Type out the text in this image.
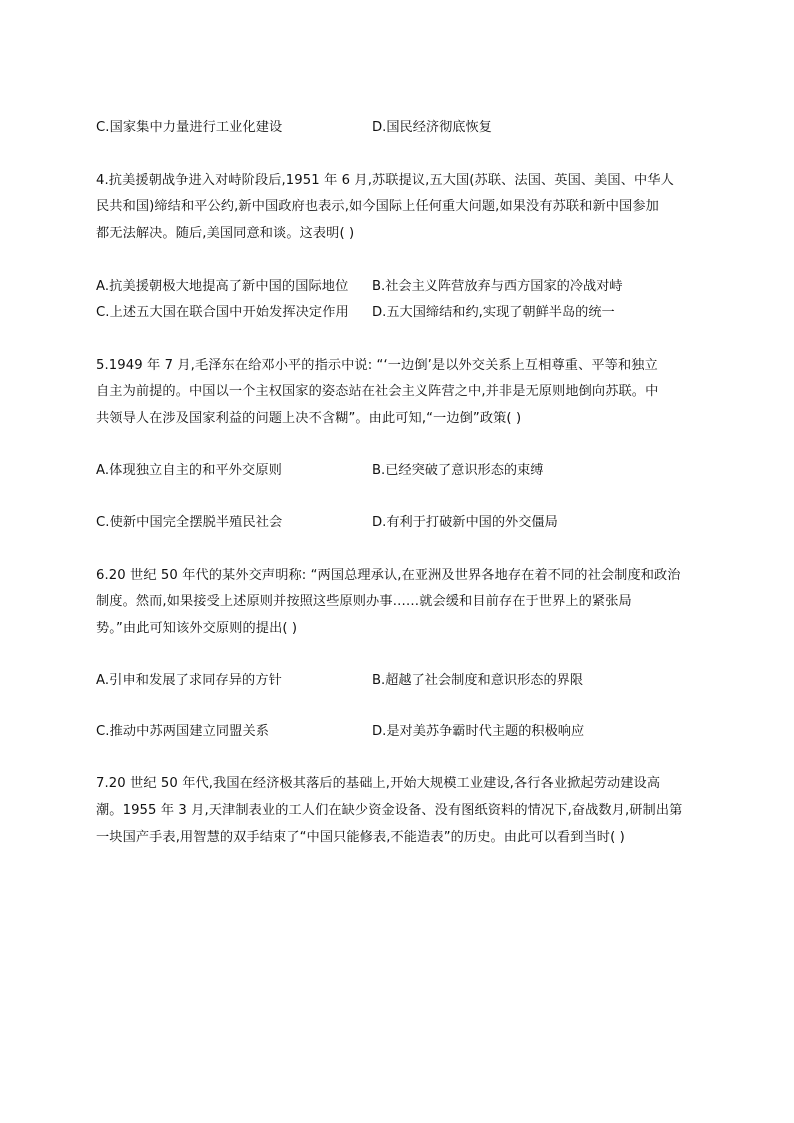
C.国家集中力量进行工业化建设	D.国民经济彻底恢复
4.抗美援朝战争进入对峙阶段后,1951 年 6 月,苏联提议,五大国(苏联、法国、英国、美国、中华人
民共和国)缔结和平公约,新中国政府也表示,如今国际上任何重大问题,如果没有苏联和新中国参加
都无法解决。随后,美国同意和谈。这表明( )
A.抗美援朝极大地提高了新中国的国际地位 B.社会主义阵营放弃与西方国家的冷战对峙
C.上述五大国在联合国中开始发挥决定作用 D.五大国缔结和约,实现了朝鲜半岛的统一
5.1949 年 7 月,毛泽东在给邓小平的指示中说: “‘一边倒’是以外交关系上互相尊重、平等和独立
自主为前提的。中国以一个主权国家的姿态站在社会主义阵营之中,并非是无原则地倒向苏联。中
共领导人在涉及国家利益的问题上决不含糊”。由此可知,“一边倒”政策( )
A.体现独立自主的和平外交原则	B.已经突破了意识形态的束缚
C.使新中国完全摆脱半殖民社会	D.有利于打破新中国的外交僵局
6.20 世纪 50 年代的某外交声明称: “两国总理承认,在亚洲及世界各地存在着不同的社会制度和政治
制度。然而,如果接受上述原则并按照这些原则办事……就会缓和目前存在于世界上的紧张局
势。”由此可知该外交原则的提出( )
A.引申和发展了求同存异的方针	B.超越了社会制度和意识形态的界限
C.推动中苏两国建立同盟关系	D.是对美苏争霸时代主题的积极响应
7.20 世纪 50 年代,我国在经济极其落后的基础上,开始大规模工业建设,各行各业掀起劳动建设高
潮。1955 年 3 月,天津制表业的工人们在缺少资金设备、没有图纸资料的情况下,奋战数月,研制出第
一块国产手表,用智慧的双手结束了“中国只能修表,不能造表”的历史。由此可以看到当时( )
